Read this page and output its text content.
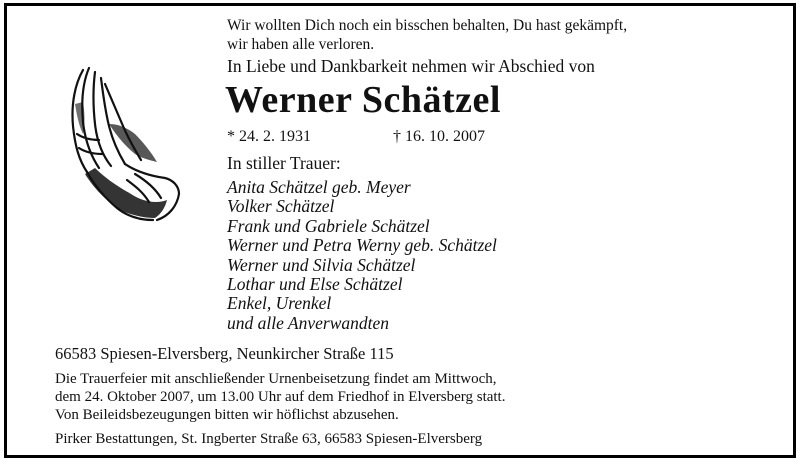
Wir wollten Dich noch ein bisschen behalten, Du hast gekämpft,
wir haben alle verloren.
In Liebe und Dankbarkeit nehmen wir Abschied von
Werner Schätzel
* 24. 2. 1931	† 16. 10. 2007
In stiller Trauer:
Anita Schätzel geb. Meyer
Volker Schätzel
Frank und Gabriele Schätzel
Werner und Petra Werny geb. Schätzel
Werner und Silvia Schätzel
Lothar und Else Schätzel
Enkel, Urenkel
und alle Anverwandten
66583 Spiesen-Elversberg, Neunkircher Straße 115
Die Trauerfeier mit anschließender Urnenbeisetzung findet am Mittwoch,
dem 24. Oktober 2007, um 13.00 Uhr auf dem Friedhof in Elversberg statt.
Von Beileidsbezeugungen bitten wir höflichst abzusehen.
Pirker Bestattungen, St. Ingberter Straße 63, 66583 Spiesen-Elversberg
